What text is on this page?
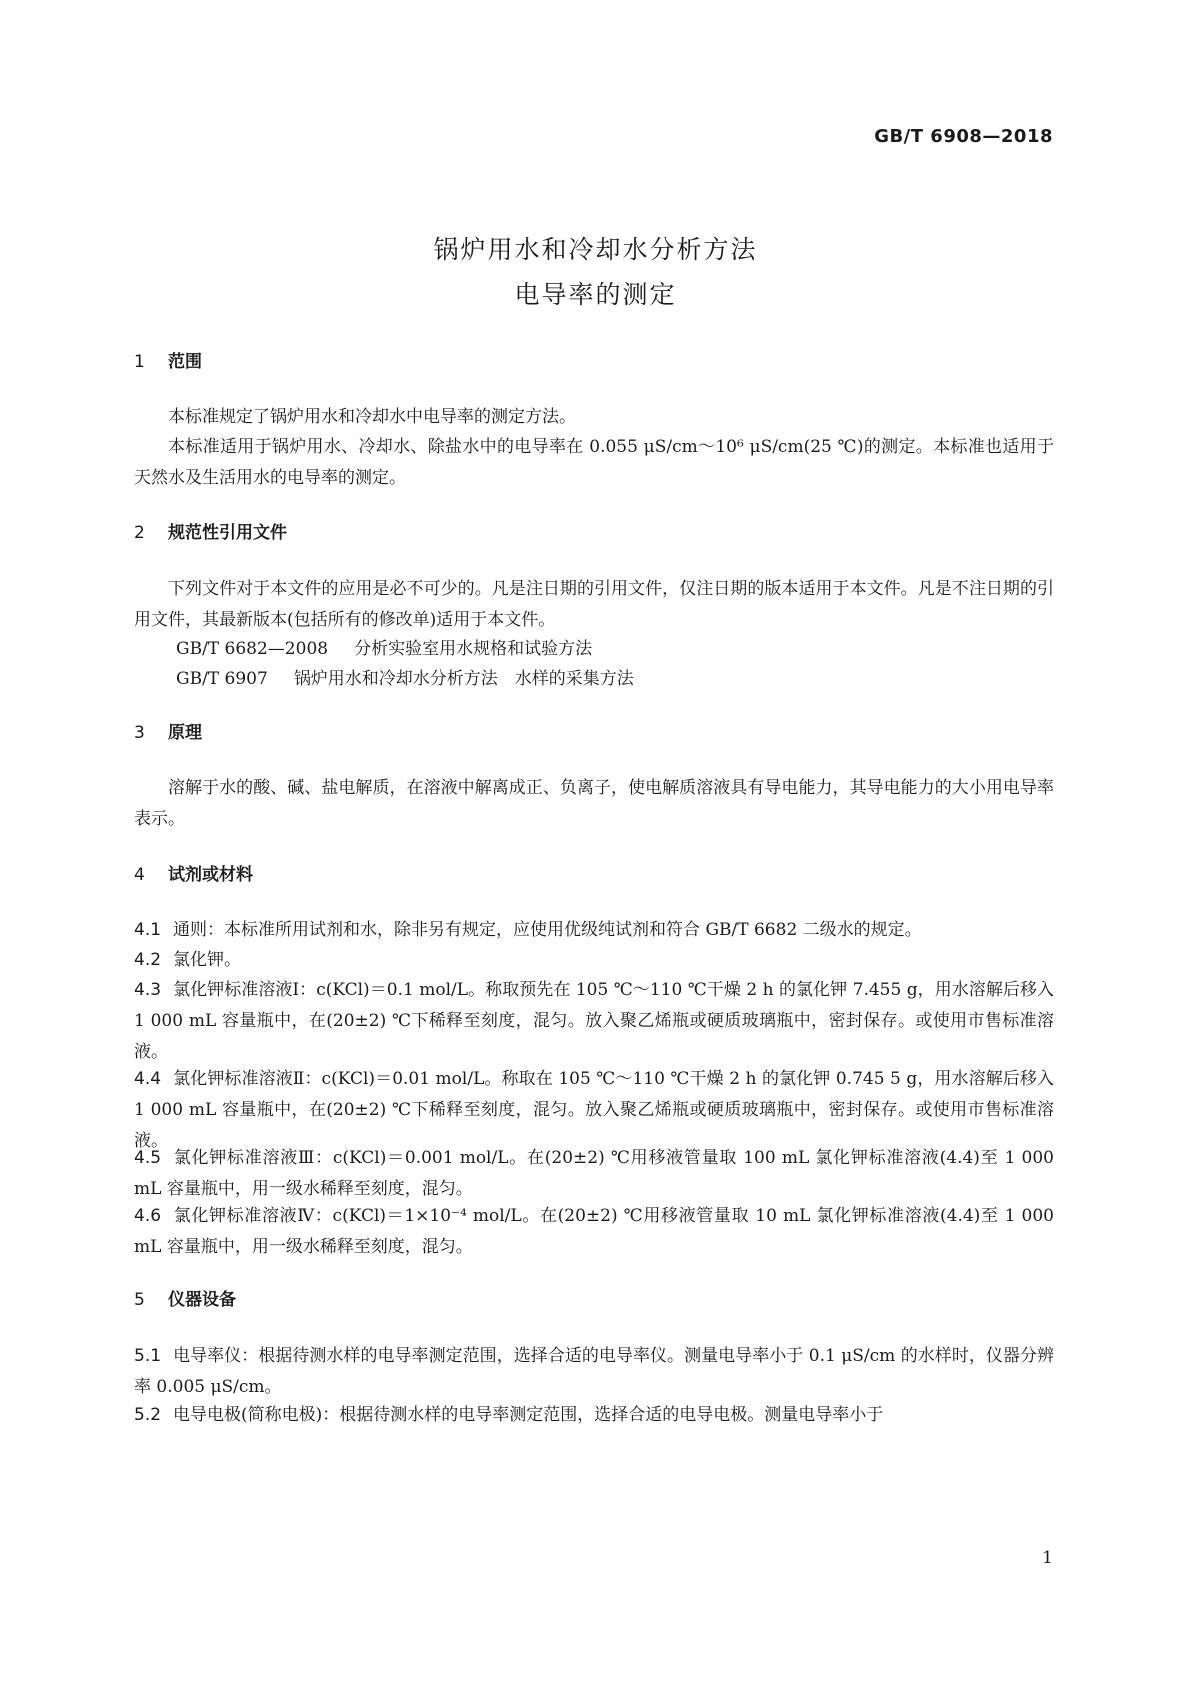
GB/T 6908—2018
锅炉用水和冷却水分析方法
电导率的测定
1 范围
本标准规定了锅炉用水和冷却水中电导率的测定方法。
本标准适用于锅炉用水、冷却水、除盐水中的电导率在 0.055 μS/cm～10⁶ μS/cm(25 ℃)的测定。本标准也适用于天然水及生活用水的电导率的测定。
2 规范性引用文件
下列文件对于本文件的应用是必不可少的。凡是注日期的引用文件，仅注日期的版本适用于本文件。凡是不注日期的引用文件，其最新版本(包括所有的修改单)适用于本文件。
GB/T 6682—2008 分析实验室用水规格和试验方法
GB/T 6907 锅炉用水和冷却水分析方法　水样的采集方法
3 原理
溶解于水的酸、碱、盐电解质，在溶液中解离成正、负离子，使电解质溶液具有导电能力，其导电能力的大小用电导率表示。
4 试剂或材料
4.1 通则：本标准所用试剂和水，除非另有规定，应使用优级纯试剂和符合 GB/T 6682 二级水的规定。
4.2 氯化钾。
4.3 氯化钾标准溶液Ⅰ：c(KCl)＝0.1 mol/L。称取预先在 105 ℃～110 ℃干燥 2 h 的氯化钾 7.455 g，用水溶解后移入 1 000 mL 容量瓶中，在(20±2) ℃下稀释至刻度，混匀。放入聚乙烯瓶或硬质玻璃瓶中，密封保存。或使用市售标准溶液。
4.4 氯化钾标准溶液Ⅱ：c(KCl)＝0.01 mol/L。称取在 105 ℃～110 ℃干燥 2 h 的氯化钾 0.745 5 g，用水溶解后移入 1 000 mL 容量瓶中，在(20±2) ℃下稀释至刻度，混匀。放入聚乙烯瓶或硬质玻璃瓶中，密封保存。或使用市售标准溶液。
4.5 氯化钾标准溶液Ⅲ：c(KCl)＝0.001 mol/L。在(20±2) ℃用移液管量取 100 mL 氯化钾标准溶液(4.4)至 1 000 mL 容量瓶中，用一级水稀释至刻度，混匀。
4.6 氯化钾标准溶液Ⅳ：c(KCl)＝1×10⁻⁴ mol/L。在(20±2) ℃用移液管量取 10 mL 氯化钾标准溶液(4.4)至 1 000 mL 容量瓶中，用一级水稀释至刻度，混匀。
5 仪器设备
5.1 电导率仪：根据待测水样的电导率测定范围，选择合适的电导率仪。测量电导率小于 0.1 μS/cm 的水样时，仪器分辨率 0.005 μS/cm。
5.2 电导电极(简称电极)：根据待测水样的电导率测定范围，选择合适的电导电极。测量电导率小于
1
